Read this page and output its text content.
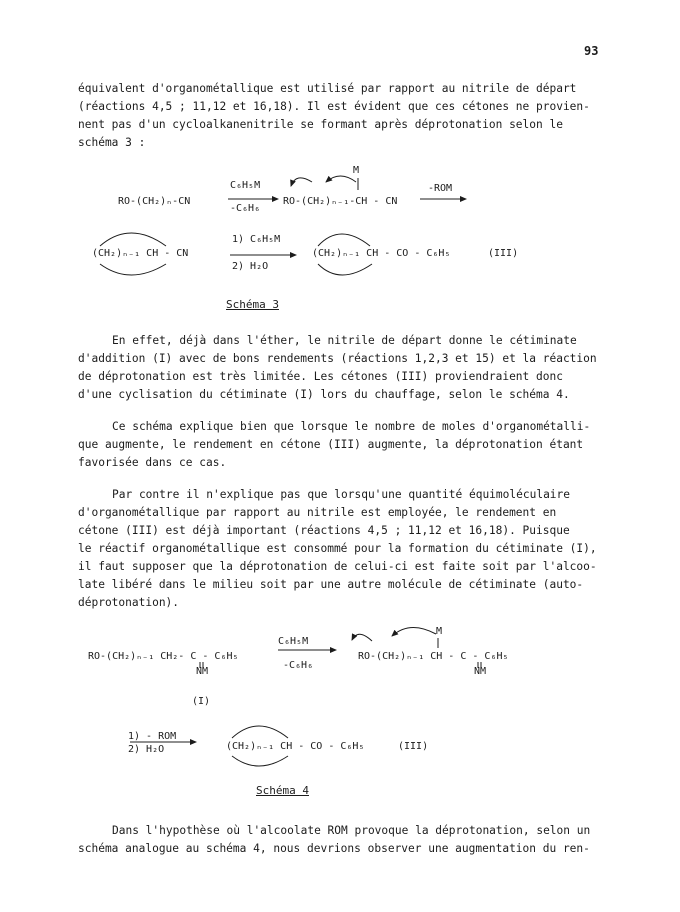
93
équivalent d'organométallique est utilisé par rapport au nitrile de départ
(réactions 4,5 ; 11,12 et 16,18). Il est évident que ces cétones ne provien-
nent pas d'un cycloalkanenitrile se formant après déprotonation selon le
schéma 3 :
RO-(CH₂)ₙ-CN
C₆H₅M
-C₆H₆
M
RO-(CH₂)ₙ₋₁-CH - CN
-ROM
(CH₂)ₙ₋₁ CH - CN
1) C₆H₅M
2) H₂O
(CH₂)ₙ₋₁ CH - CO - C₆H₅	(III)
Schéma 3
En effet, déjà dans l'éther, le nitrile de départ donne le cétiminate
d'addition (I) avec de bons rendements (réactions 1,2,3 et 15) et la réaction
de déprotonation est très limitée. Les cétones (III) proviendraient donc
d'une cyclisation du cétiminate (I) lors du chauffage, selon le schéma 4.
Ce schéma explique bien que lorsque le nombre de moles d'organométalli-
que augmente, le rendement en cétone (III) augmente, la déprotonation étant
favorisée dans ce cas.
Par contre il n'explique pas que lorsqu'une quantité équimoléculaire
d'organométallique par rapport au nitrile est employée, le rendement en
cétone (III) est déjà important (réactions 4,5 ; 11,12 et 16,18). Puisque
le réactif organométallique est consommé pour la formation du cétiminate (I),
il faut supposer que la déprotonation de celui-ci est faite soit par l'alcoo-
late libéré dans le milieu soit par une autre molécule de cétiminate (auto-
déprotonation).
RO-(CH₂)ₙ₋₁ CH₂- C - C₆H₅
NM
C₆H₅M
-C₆H₆
M
RO-(CH₂)ₙ₋₁ CH - C - C₆H₅
NM
(I)
1) - ROM
2) H₂O	(CH₂)ₙ₋₁ CH - CO - C₆H₅	(III)
Schéma 4
Dans l'hypothèse où l'alcoolate ROM provoque la déprotonation, selon un
schéma analogue au schéma 4, nous devrions observer une augmentation du ren-
